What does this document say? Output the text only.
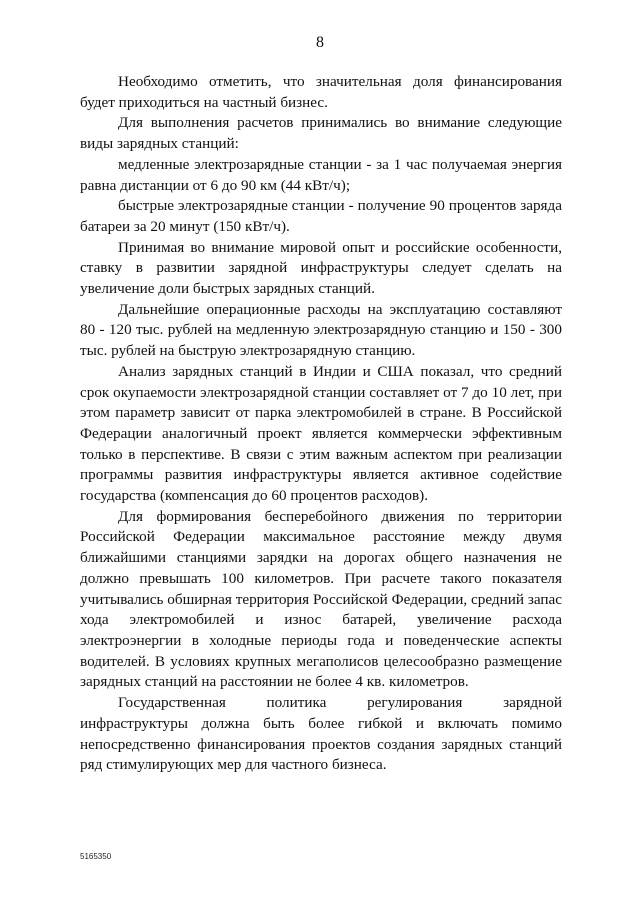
8

Необходимо отметить, что значительная доля финансирования будет приходиться на частный бизнес.

Для выполнения расчетов принимались во внимание следующие виды зарядных станций:

медленные электрозарядные станции - за 1 час получаемая энергия равна дистанции от 6 до 90 км (44 кВт/ч);

быстрые электрозарядные станции - получение 90 процентов заряда батареи за 20 минут (150 кВт/ч).

Принимая во внимание мировой опыт и российские особенности, ставку в развитии зарядной инфраструктуры следует сделать на увеличение доли быстрых зарядных станций.

Дальнейшие операционные расходы на эксплуатацию составляют 80 - 120 тыс. рублей на медленную электрозарядную станцию и 150 - 300 тыс. рублей на быструю электрозарядную станцию.

Анализ зарядных станций в Индии и США показал, что средний срок окупаемости электрозарядной станции составляет от 7 до 10 лет, при этом параметр зависит от парка электромобилей в стране. В Российской Федерации аналогичный проект является коммерчески эффективным только в перспективе. В связи с этим важным аспектом при реализации программы развития инфраструктуры является активное содействие государства (компенсация до 60 процентов расходов).

Для формирования бесперебойного движения по территории Российской Федерации максимальное расстояние между двумя ближайшими станциями зарядки на дорогах общего назначения не должно превышать 100 километров. При расчете такого показателя учитывались обширная территория Российской Федерации, средний запас хода электромобилей и износ батарей, увеличение расхода электроэнергии в холодные периоды года и поведенческие аспекты водителей. В условиях крупных мегаполисов целесообразно размещение зарядных станций на расстоянии не более 4 кв. километров.

Государственная политика регулирования зарядной инфраструктуры должна быть более гибкой и включать помимо непосредственно финансирования проектов создания зарядных станций ряд стимулирующих мер для частного бизнеса.

5165350
